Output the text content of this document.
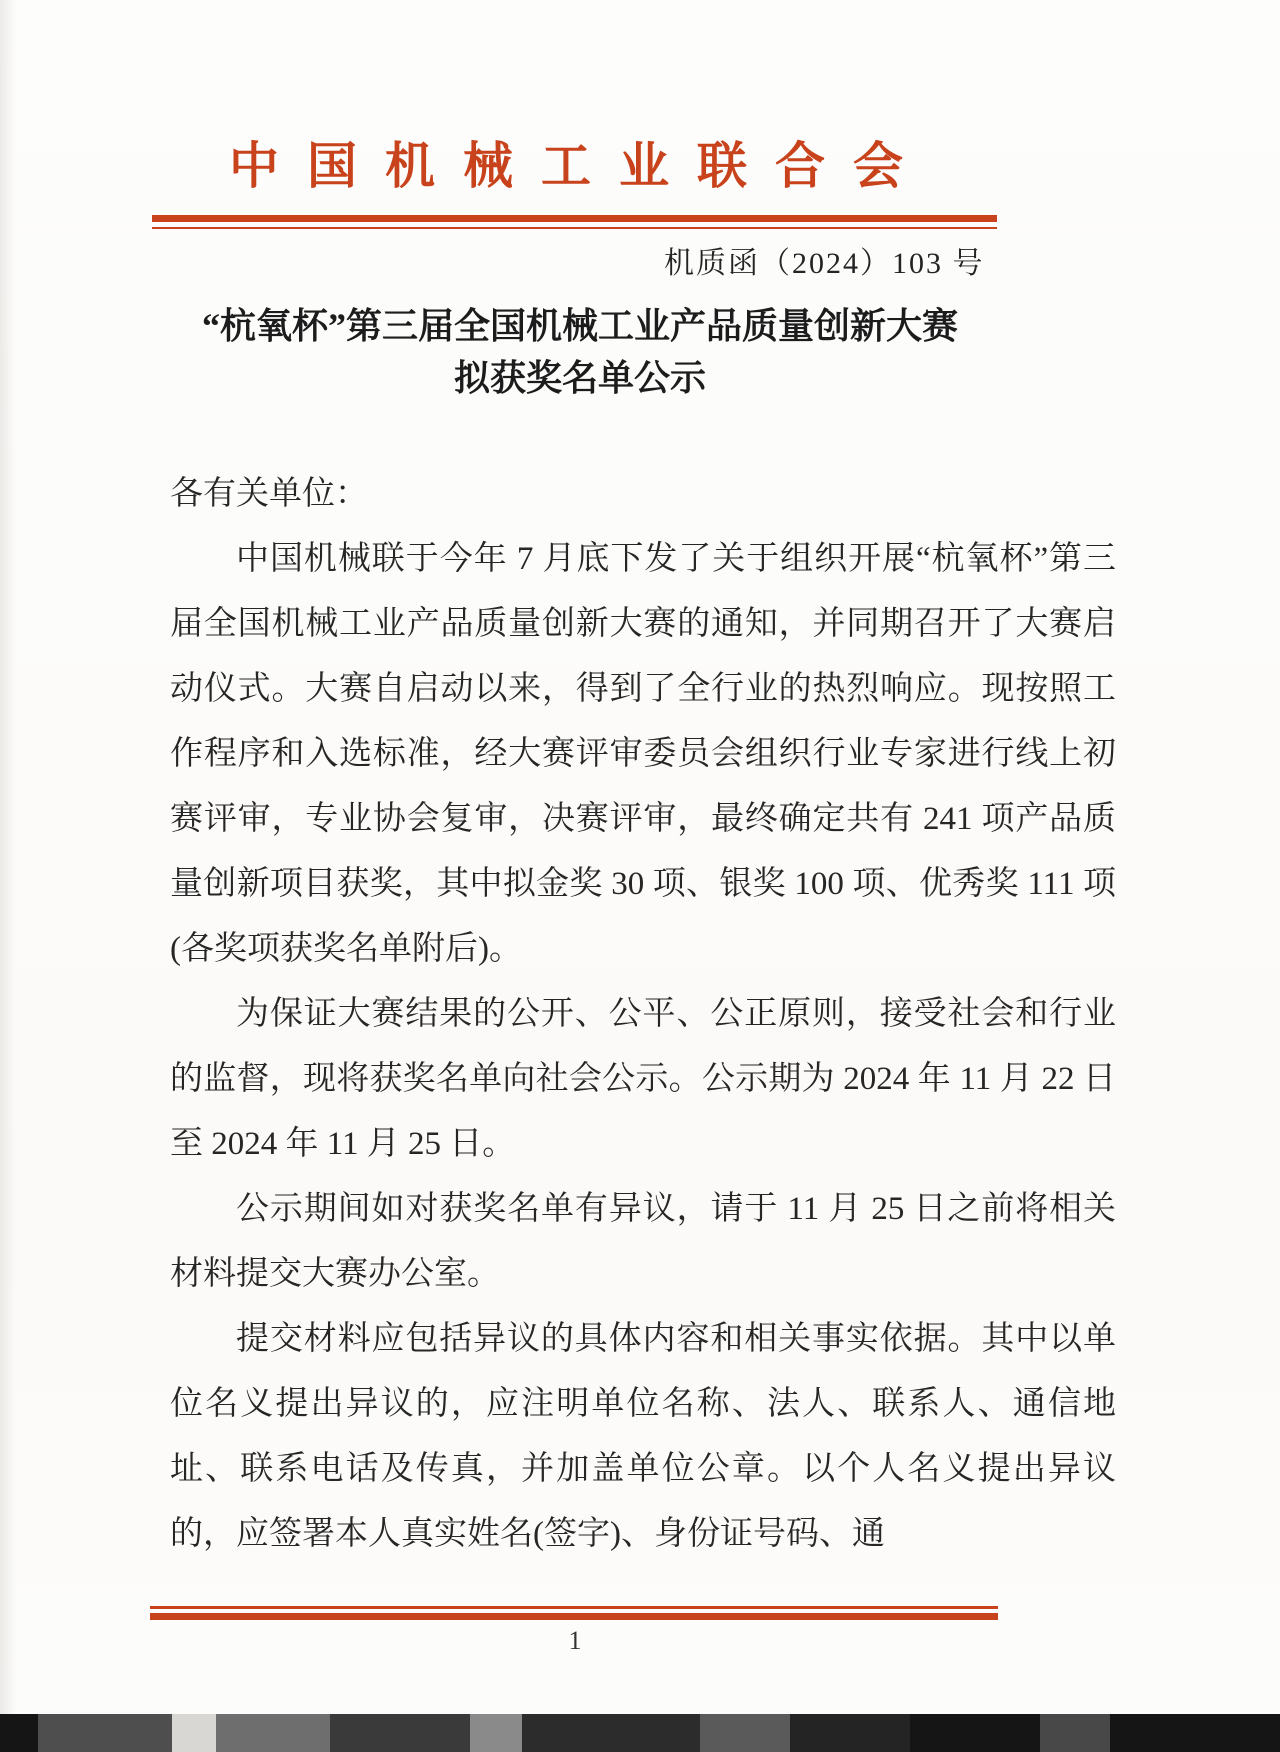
中国机械工业联合会
机质函（2024）103 号
“杭氧杯”第三届全国机械工业产品质量创新大赛
拟获奖名单公示

各有关单位：

中国机械联于今年 7 月底下发了关于组织开展“杭氧杯”第三届全国机械工业产品质量创新大赛的通知，并同期召开了大赛启动仪式。大赛自启动以来，得到了全行业的热烈响应。现按照工作程序和入选标准，经大赛评审委员会组织行业专家进行线上初赛评审，专业协会复审，决赛评审，最终确定共有 241 项产品质量创新项目获奖，其中拟金奖 30 项、银奖 100 项、优秀奖 111 项(各奖项获奖名单附后)。

为保证大赛结果的公开、公平、公正原则，接受社会和行业的监督，现将获奖名单向社会公示。公示期为 2024 年 11 月 22 日至 2024 年 11 月 25 日。

公示期间如对获奖名单有异议，请于 11 月 25 日之前将相关材料提交大赛办公室。

提交材料应包括异议的具体内容和相关事实依据。其中以单位名义提出异议的，应注明单位名称、法人、联系人、通信地址、联系电话及传真，并加盖单位公章。以个人名义提出异议的，应签署本人真实姓名(签字)、身份证号码、通

1
